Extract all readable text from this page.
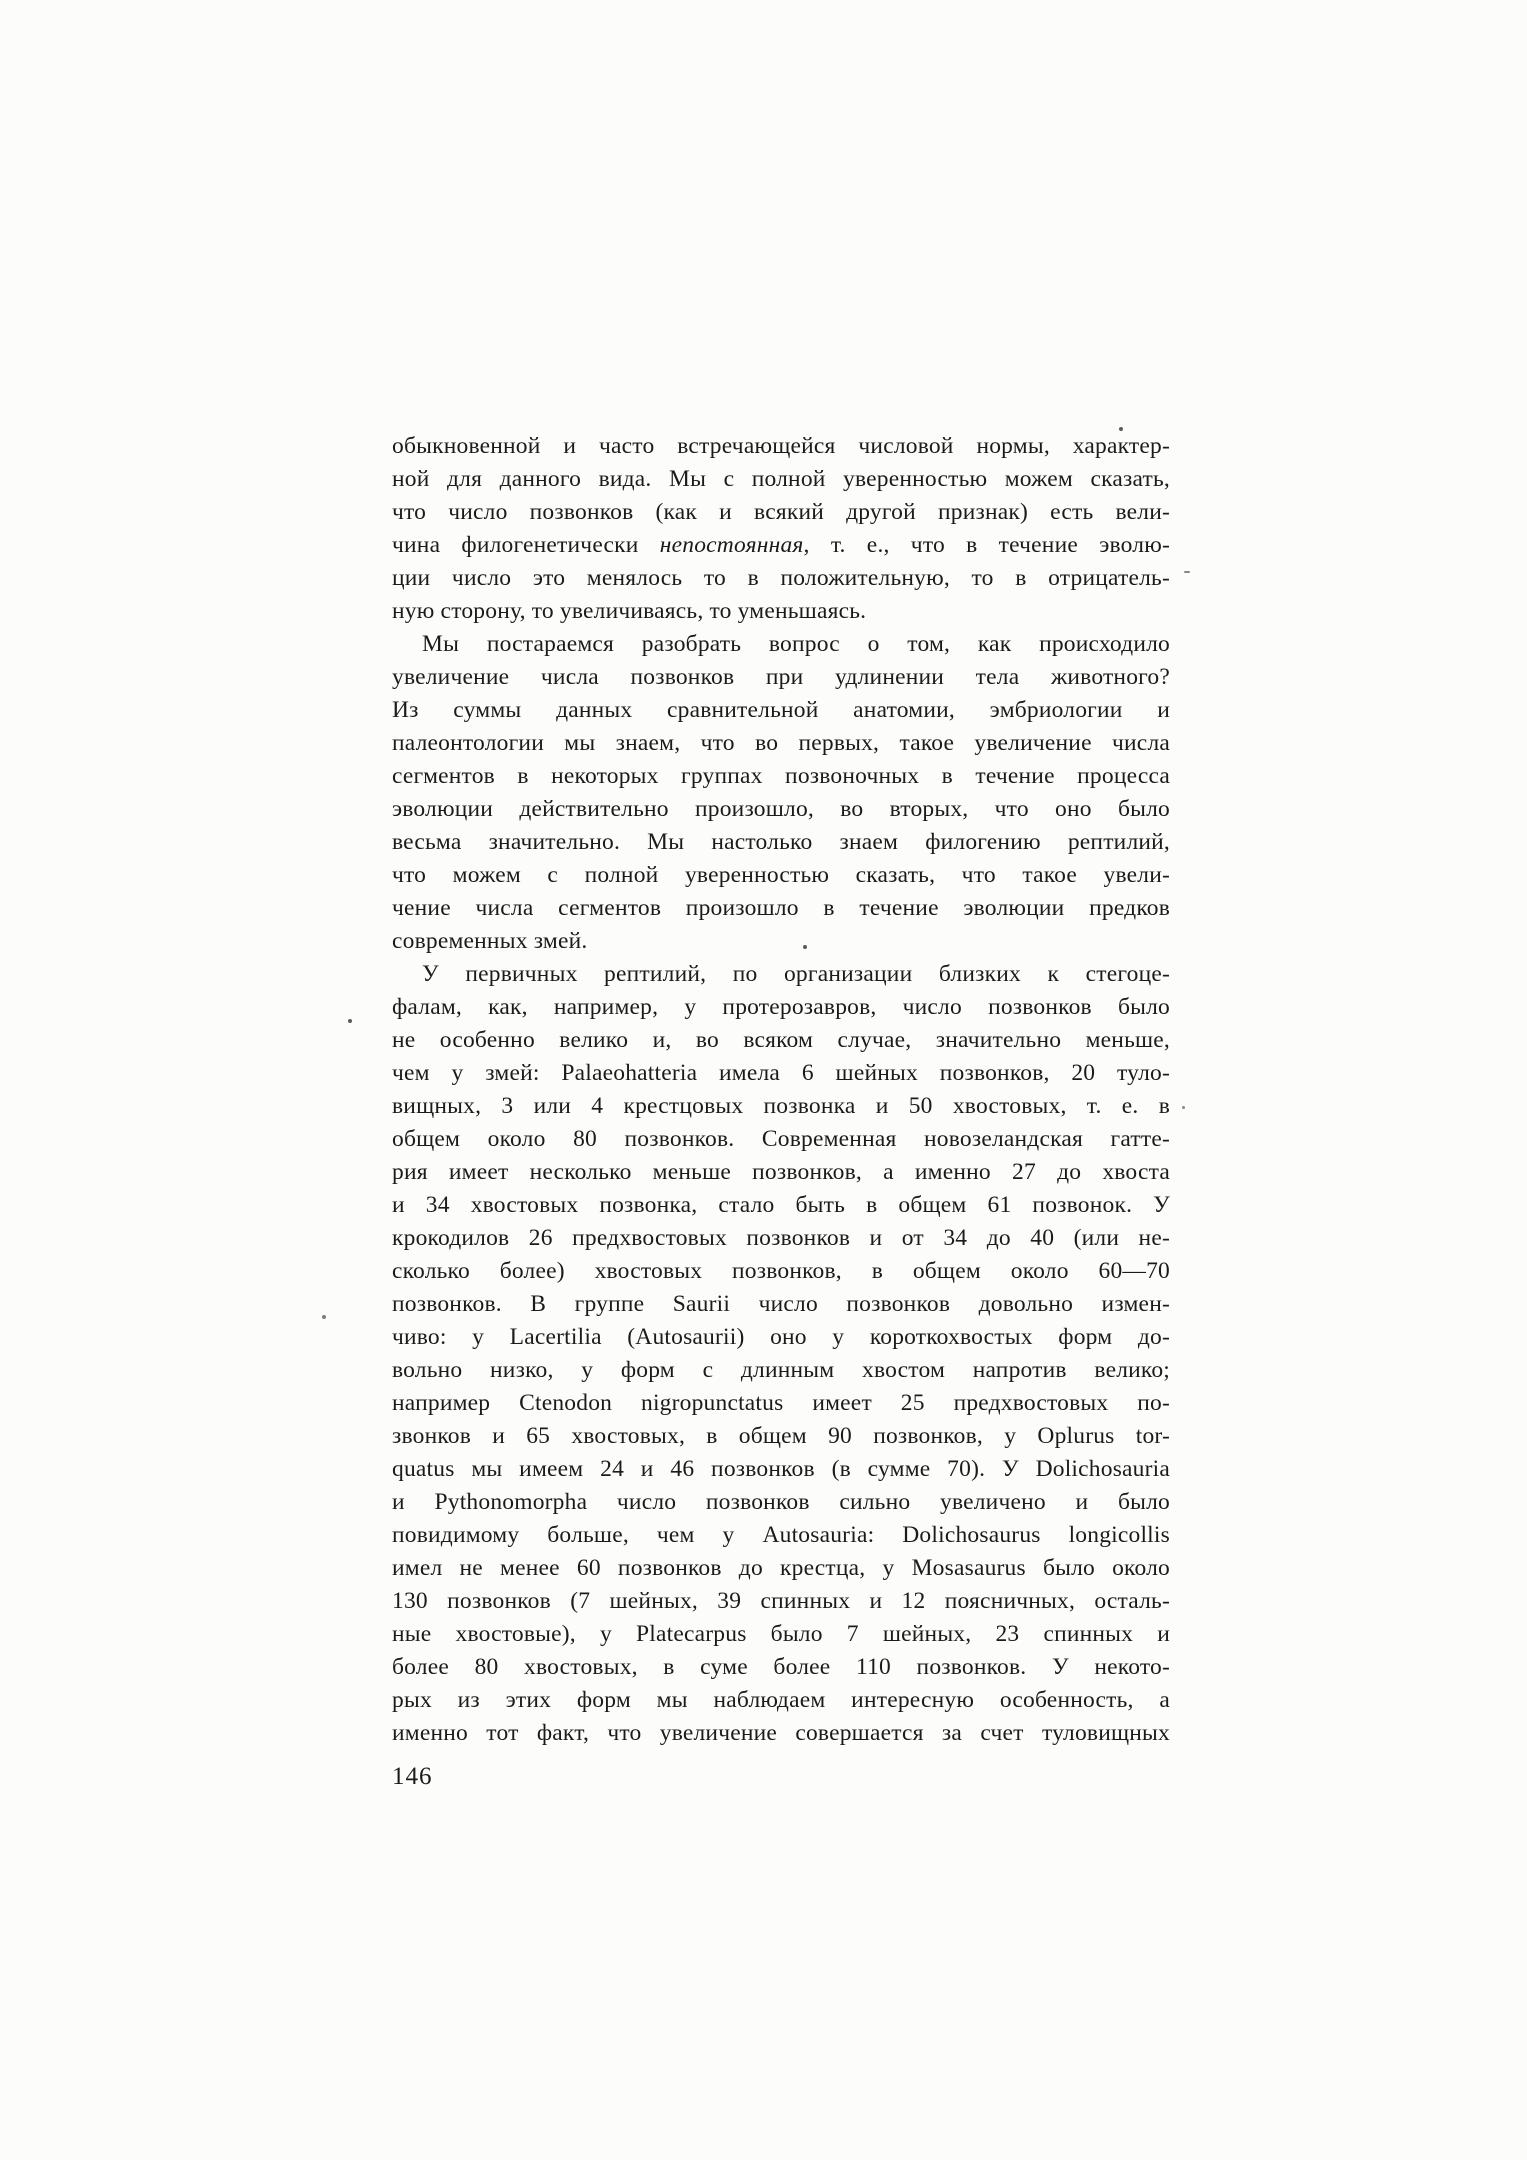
обыкновенной и часто встречающейся числовой нормы, характер-
ной для данного вида. Мы с полной уверенностью можем сказать,
что число позвонков (как и всякий другой признак) есть вели-
чина филогенетически непостоянная, т. е., что в течение эволю-
ции число это менялось то в положительную, то в отрицатель-
ную сторону, то увеличиваясь, то уменьшаясь.
Мы постараемся разобрать вопрос о том, как происходило
увеличение числа позвонков при удлинении тела животного?
Из суммы данных сравнительной анатомии, эмбриологии и
палеонтологии мы знаем, что во первых, такое увеличение числа
сегментов в некоторых группах позвоночных в течение процесса
эволюции действительно произошло, во вторых, что оно было
весьма значительно. Мы настолько знаем филогению рептилий,
что можем с полной уверенностью сказать, что такое увели-
чение числа сегментов произошло в течение эволюции предков
современных змей.
У первичных рептилий, по организации близких к стегоце-
фалам, как, например, у протерозавров, число позвонков было
не особенно велико и, во всяком случае, значительно меньше,
чем у змей: Palaeohatteria имела 6 шейных позвонков, 20 туло-
вищных, 3 или 4 крестцовых позвонка и 50 хвостовых, т. е. в
общем около 80 позвонков. Современная новозеландская гатте-
рия имеет несколько меньше позвонков, а именно 27 до хвоста
и 34 хвостовых позвонка, стало быть в общем 61 позвонок. У
крокодилов 26 предхвостовых позвонков и от 34 до 40 (или не-
сколько более) хвостовых позвонков, в общем около 60—70
позвонков. В группе Saurii число позвонков довольно измен-
чиво: у Lacertilia (Autosaurii) оно у короткохвостых форм до-
вольно низко, у форм с длинным хвостом напротив велико;
например Ctenodon nigropunctatus имеет 25 предхвостовых по-
звонков и 65 хвостовых, в общем 90 позвонков, у Oplurus tor-
quatus мы имеем 24 и 46 позвонков (в сумме 70). У Dolichosauria
и Pythonomorpha число позвонков сильно увеличено и было
повидимому больше, чем у Autosauria: Dolichosaurus longicollis
имел не менее 60 позвонков до крестца, у Mosasaurus было около
130 позвонков (7 шейных, 39 спинных и 12 поясничных, осталь-
ные хвостовые), у Platecarpus было 7 шейных, 23 спинных и
более 80 хвостовых, в суме более 110 позвонков. У некото-
рых из этих форм мы наблюдаем интересную особенность, а
именно тот факт, что увеличение совершается за счет туловищных
146
